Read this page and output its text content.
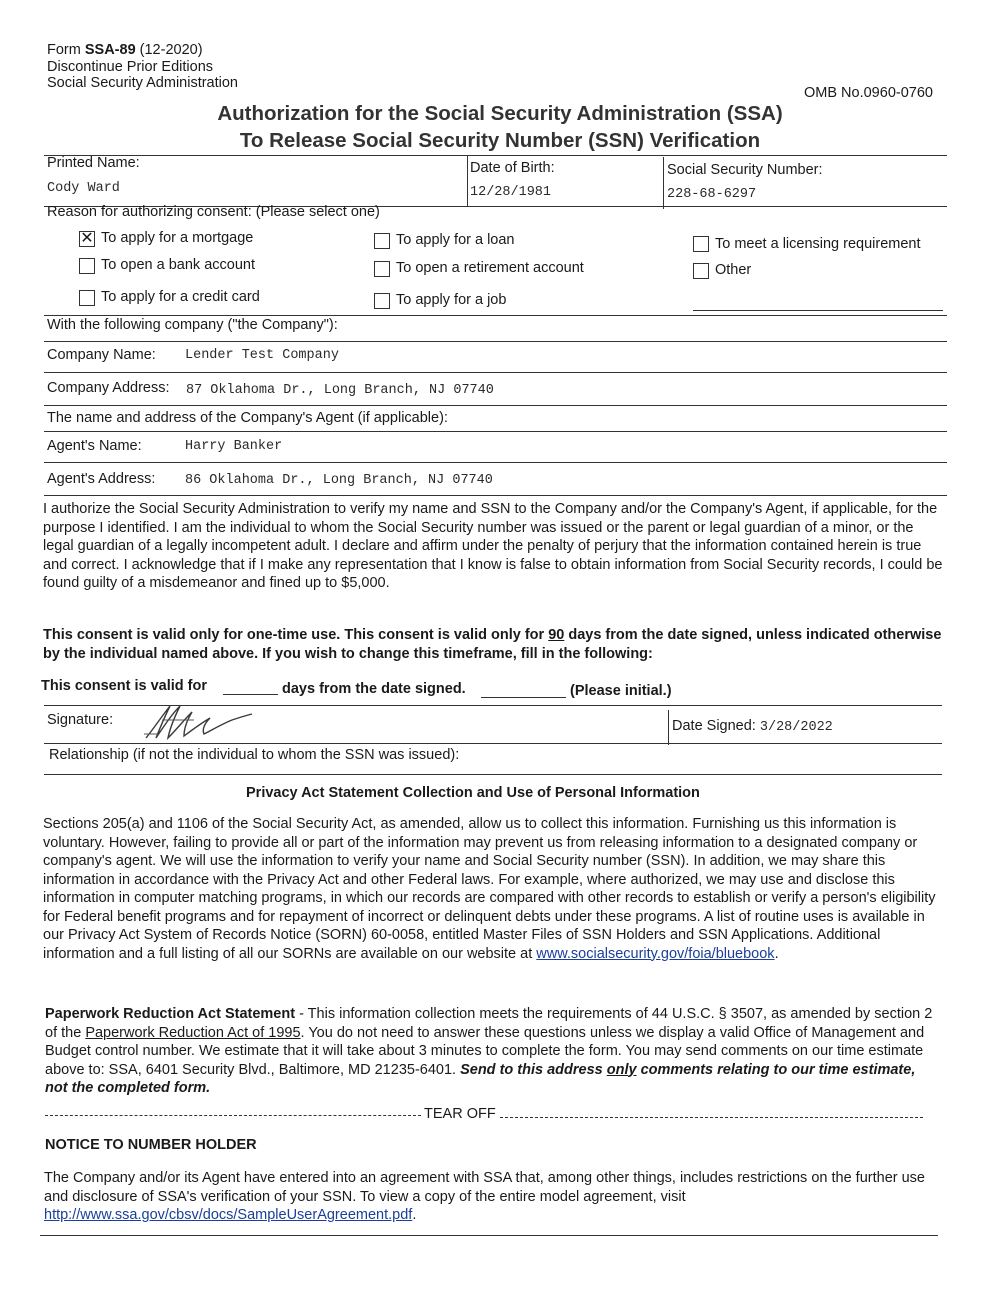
Form SSA-89 (12-2020)
Discontinue Prior Editions
Social Security Administration
OMB No.0960-0760
Authorization for the Social Security Administration (SSA)
To Release Social Security Number (SSN) Verification
Printed Name:
Cody Ward
Date of Birth:
12/28/1981
Social Security Number:
228-68-6297
Reason for authorizing consent: (Please select one)
✕ To apply for a mortgage
To open a bank account
To apply for a credit card
To apply for a loan
To open a retirement account
To apply for a job
To meet a licensing requirement
Other
With the following company ("the Company"):
Company Name: Lender Test Company
Company Address: 87 Oklahoma Dr., Long Branch, NJ 07740
The name and address of the Company's Agent (if applicable):
Agent's Name:	Harry Banker
Agent's Address: 86 Oklahoma Dr., Long Branch, NJ 07740
I authorize the Social Security Administration to verify my name and SSN to the Company and/or the Company's Agent, if applicable, for the purpose I identified. I am the individual to whom the Social Security number was issued or the parent or legal guardian of a minor, or the legal guardian of a legally incompetent adult. I declare and affirm under the penalty of perjury that the information contained herein is true and correct. I acknowledge that if I make any representation that I know is false to obtain information from Social Security records, I could be found guilty of a misdemeanor and fined up to $5,000.
This consent is valid only for one-time use. This consent is valid only for 90 days from the date signed, unless indicated otherwise by the individual named above. If you wish to change this timeframe, fill in the following:
This consent is valid for	days from the date signed.	(Please initial.)
Signature:	Date Signed: 3/28/2022
Relationship (if not the individual to whom the SSN was issued):
Privacy Act Statement Collection and Use of Personal Information
Sections 205(a) and 1106 of the Social Security Act, as amended, allow us to collect this information. Furnishing us this information is voluntary. However, failing to provide all or part of the information may prevent us from releasing information to a designated company or company's agent. We will use the information to verify your name and Social Security number (SSN). In addition, we may share this information in accordance with the Privacy Act and other Federal laws. For example, where authorized, we may use and disclose this information in computer matching programs, in which our records are compared with other records to establish or verify a person's eligibility for Federal benefit programs and for repayment of incorrect or delinquent debts under these programs. A list of routine uses is available in our Privacy Act System of Records Notice (SORN) 60-0058, entitled Master Files of SSN Holders and SSN Applications. Additional information and a full listing of all our SORNs are available on our website at www.socialsecurity.gov/foia/bluebook.
Paperwork Reduction Act Statement - This information collection meets the requirements of 44 U.S.C. § 3507, as amended by section 2 of the Paperwork Reduction Act of 1995. You do not need to answer these questions unless we display a valid Office of Management and Budget control number. We estimate that it will take about 3 minutes to complete the form. You may send comments on our time estimate above to: SSA, 6401 Security Blvd., Baltimore, MD 21235-6401. Send to this address only comments relating to our time estimate, not the completed form.
TEAR OFF
NOTICE TO NUMBER HOLDER
The Company and/or its Agent have entered into an agreement with SSA that, among other things, includes restrictions on the further use and disclosure of SSA's verification of your SSN. To view a copy of the entire model agreement, visit http://www.ssa.gov/cbsv/docs/SampleUserAgreement.pdf.
